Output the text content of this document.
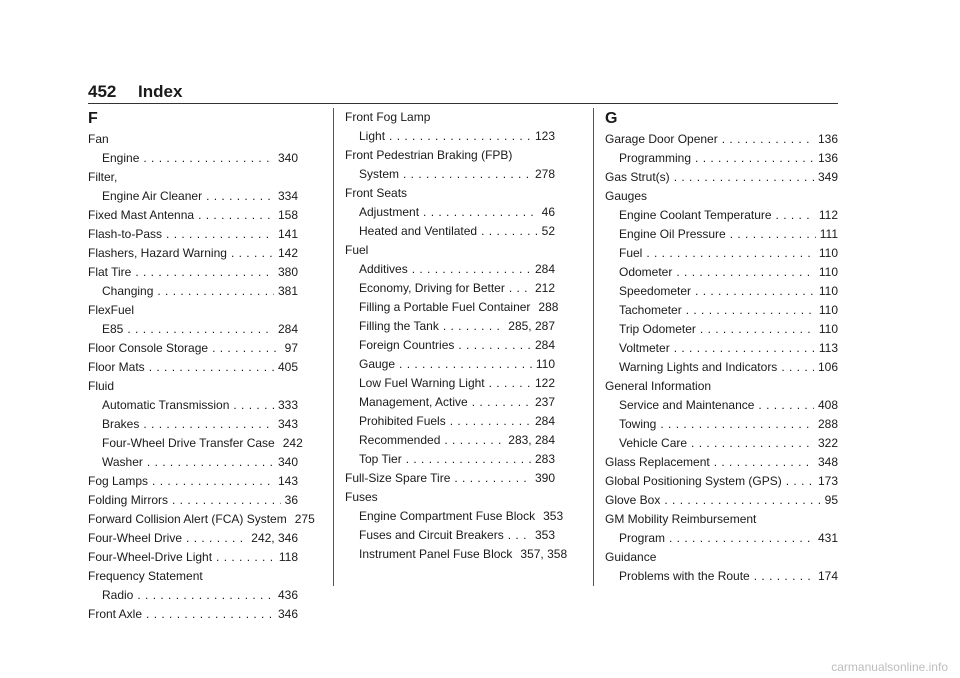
452 Index
F
Fan
Engine . . .	340
Filter,
Engine Air Cleaner . . .	334
Fixed Mast Antenna . . .	158
Flash-to-Pass . . .	141
Flashers, Hazard Warning . . .	142
Flat Tire . . .	380
Changing . . .	381
FlexFuel
E85 . . .	284
Floor Console Storage . . .	97
Floor Mats . . .	405
Fluid
Automatic Transmission . . .	333
Brakes . . .	343
Four-Wheel Drive Transfer Case 242
Washer . . .	340
Fog Lamps . . .	143
Folding Mirrors . . .	36
Forward Collision Alert (FCA) System 275
Four-Wheel Drive . . .	242, 346
Four-Wheel-Drive Light . . .	118
Frequency Statement
Radio . . .	436
Front Axle . . .	346
Front Fog Lamp
Light . . .	123
Front Pedestrian Braking (FPB)
System . . .	278
Front Seats
Adjustment . . .	46
Heated and Ventilated . . .	52
Fuel
Additives . . .	284
Economy, Driving for Better . . .	212
Filling a Portable Fuel Container 288
Filling the Tank . . .	285, 287
Foreign Countries . . .	284
Gauge . . .	110
Low Fuel Warning Light . . .	122
Management, Active . . .	237
Prohibited Fuels . . .	284
Recommended . . .	283, 284
Top Tier . . .	283
Full-Size Spare Tire . . .	390
Fuses
Engine Compartment Fuse Block 353
Fuses and Circuit Breakers . . .	353
Instrument Panel Fuse Block 357, 358
G
Garage Door Opener . . .	136
Programming . . .	136
Gas Strut(s) . . .	349
Gauges
Engine Coolant Temperature . . .	112
Engine Oil Pressure . . .	111
Fuel . . .	110
Odometer . . .	110
Speedometer . . .	110
Tachometer . . .	110
Trip Odometer . . .	110
Voltmeter . . .	113
Warning Lights and Indicators . . .	106
General Information
Service and Maintenance . . .	408
Towing . . .	288
Vehicle Care . . .	322
Glass Replacement . . .	348
Global Positioning System (GPS) . . .	173
Glove Box . . .	95
GM Mobility Reimbursement
Program . . .	431
Guidance
Problems with the Route . . .	174
carmanualsonline.info
